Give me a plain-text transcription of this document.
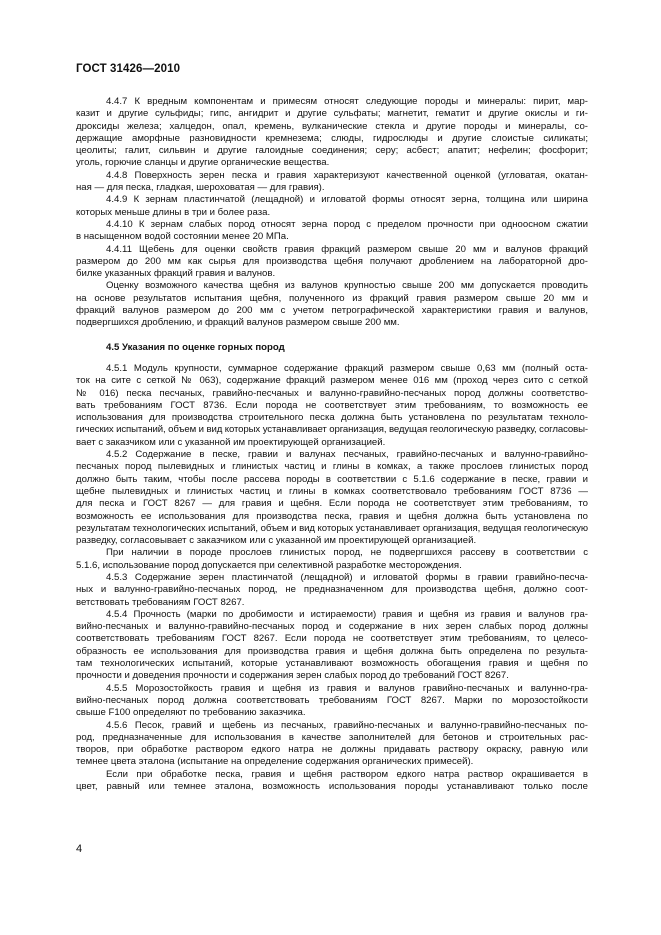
ГОСТ 31426—2010
4.4.7 К вредным компонентам и примесям относят следующие породы и минералы: пирит, мар-
казит и другие сульфиды; гипс, ангидрит и другие сульфаты; магнетит, гематит и другие окислы и ги-
дроксиды железа; халцедон, опал, кремень, вулканические стекла и другие породы и минералы, со-
держащие аморфные разновидности кремнезема; слюды, гидрослюды и другие слоистые силикаты;
цеолиты; галит, сильвин и другие галоидные соединения; серу; асбест; апатит; нефелин; фосфорит;
уголь, горючие сланцы и другие органические вещества.
4.4.8 Поверхность зерен песка и гравия характеризуют качественной оценкой (угловатая, окатан-
ная — для песка, гладкая, шероховатая — для гравия).
4.4.9 К зернам пластинчатой (лещадной) и игловатой формы относят зерна, толщина или ширина
которых меньше длины в три и более раза.
4.4.10 К зернам слабых пород относят зерна пород с пределом прочности при одноосном сжатии
в насыщенном водой состоянии менее 20 МПа.
4.4.11 Щебень для оценки свойств гравия фракций размером свыше 20 мм и валунов фракций
размером до 200 мм как сырья для производства щебня получают дроблением на лабораторной дро-
билке указанных фракций гравия и валунов.
Оценку возможного качества щебня из валунов крупностью свыше 200 мм допускается проводить
на основе результатов испытания щебня, полученного из фракций гравия размером свыше 20 мм и
фракций валунов размером до 200 мм с учетом петрографической характеристики гравия и валунов,
подвергшихся дроблению, и фракций валунов размером свыше 200 мм.
4.5 Указания по оценке горных пород
4.5.1 Модуль крупности, суммарное содержание фракций размером свыше 0,63 мм (полный оста-
ток на сите с сеткой № 063), содержание фракций размером менее 016 мм (проход через сито с сеткой
№ 016) песка песчаных, гравийно-песчаных и валунно-гравийно-песчаных пород должны соответство-
вать требованиям ГОСТ 8736. Если порода не соответствует этим требованиям, то возможность ее
использования для производства строительного песка должна быть установлена по результатам техноло-
гических испытаний, объем и вид которых устанавливает организация, ведущая геологическую разведку, согласовы-
вает с заказчиком или с указанной им проектирующей организацией.
4.5.2 Содержание в песке, гравии и валунах песчаных, гравийно-песчаных и валунно-гравийно-
песчаных пород пылевидных и глинистых частиц и глины в комках, а также прослоев глинистых пород
должно быть таким, чтобы после рассева породы в соответствии с 5.1.6 содержание в песке, гравии и
щебне пылевидных и глинистых частиц и глины в комках соответствовало требованиям ГОСТ 8736 —
для песка и ГОСТ 8267 — для гравия и щебня. Если порода не соответствует этим требованиям, то
возможность ее использования для производства песка, гравия и щебня должна быть установлена по
результатам технологических испытаний, объем и вид которых устанавливает организация, ведущая геологическую
разведку, согласовывает с заказчиком или с указанной им проектирующей организацией.
При наличии в породе прослоев глинистых пород, не подвергшихся рассеву в соответствии с
5.1.6, использование пород допускается при селективной разработке месторождения.
4.5.3 Содержание зерен пластинчатой (лещадной) и игловатой формы в гравии гравийно-песча-
ных и валунно-гравийно-песчаных пород, не предназначенном для производства щебня, должно соот-
ветствовать требованиям ГОСТ 8267.
4.5.4 Прочность (марки по дробимости и истираемости) гравия и щебня из гравия и валунов гра-
вийно-песчаных и валунно-гравийно-песчаных пород и содержание в них зерен слабых пород должны
соответствовать требованиям ГОСТ 8267. Если порода не соответствует этим требованиям, то целесо-
образность ее использования для производства гравия и щебня должна быть определена по результа-
там технологических испытаний, которые устанавливают возможность обогащения гравия и щебня по
прочности и доведения прочности и содержания зерен слабых пород до требований ГОСТ 8267.
4.5.5 Морозостойкость гравия и щебня из гравия и валунов гравийно-песчаных и валунно-гра-
вийно-песчаных пород должна соответствовать требованиям ГОСТ 8267. Марки по морозостойкости
свыше F100 определяют по требованию заказчика.
4.5.6 Песок, гравий и щебень из песчаных, гравийно-песчаных и валунно-гравийно-песчаных по-
род, предназначенные для использования в качестве заполнителей для бетонов и строительных рас-
творов, при обработке раствором едкого натра не должны придавать раствору окраску, равную или
темнее цвета эталона (испытание на определение содержания органических примесей).
Если при обработке песка, гравия и щебня раствором едкого натра раствор окрашивается в
цвет, равный или темнее эталона, возможность использования породы устанавливают только после
4
